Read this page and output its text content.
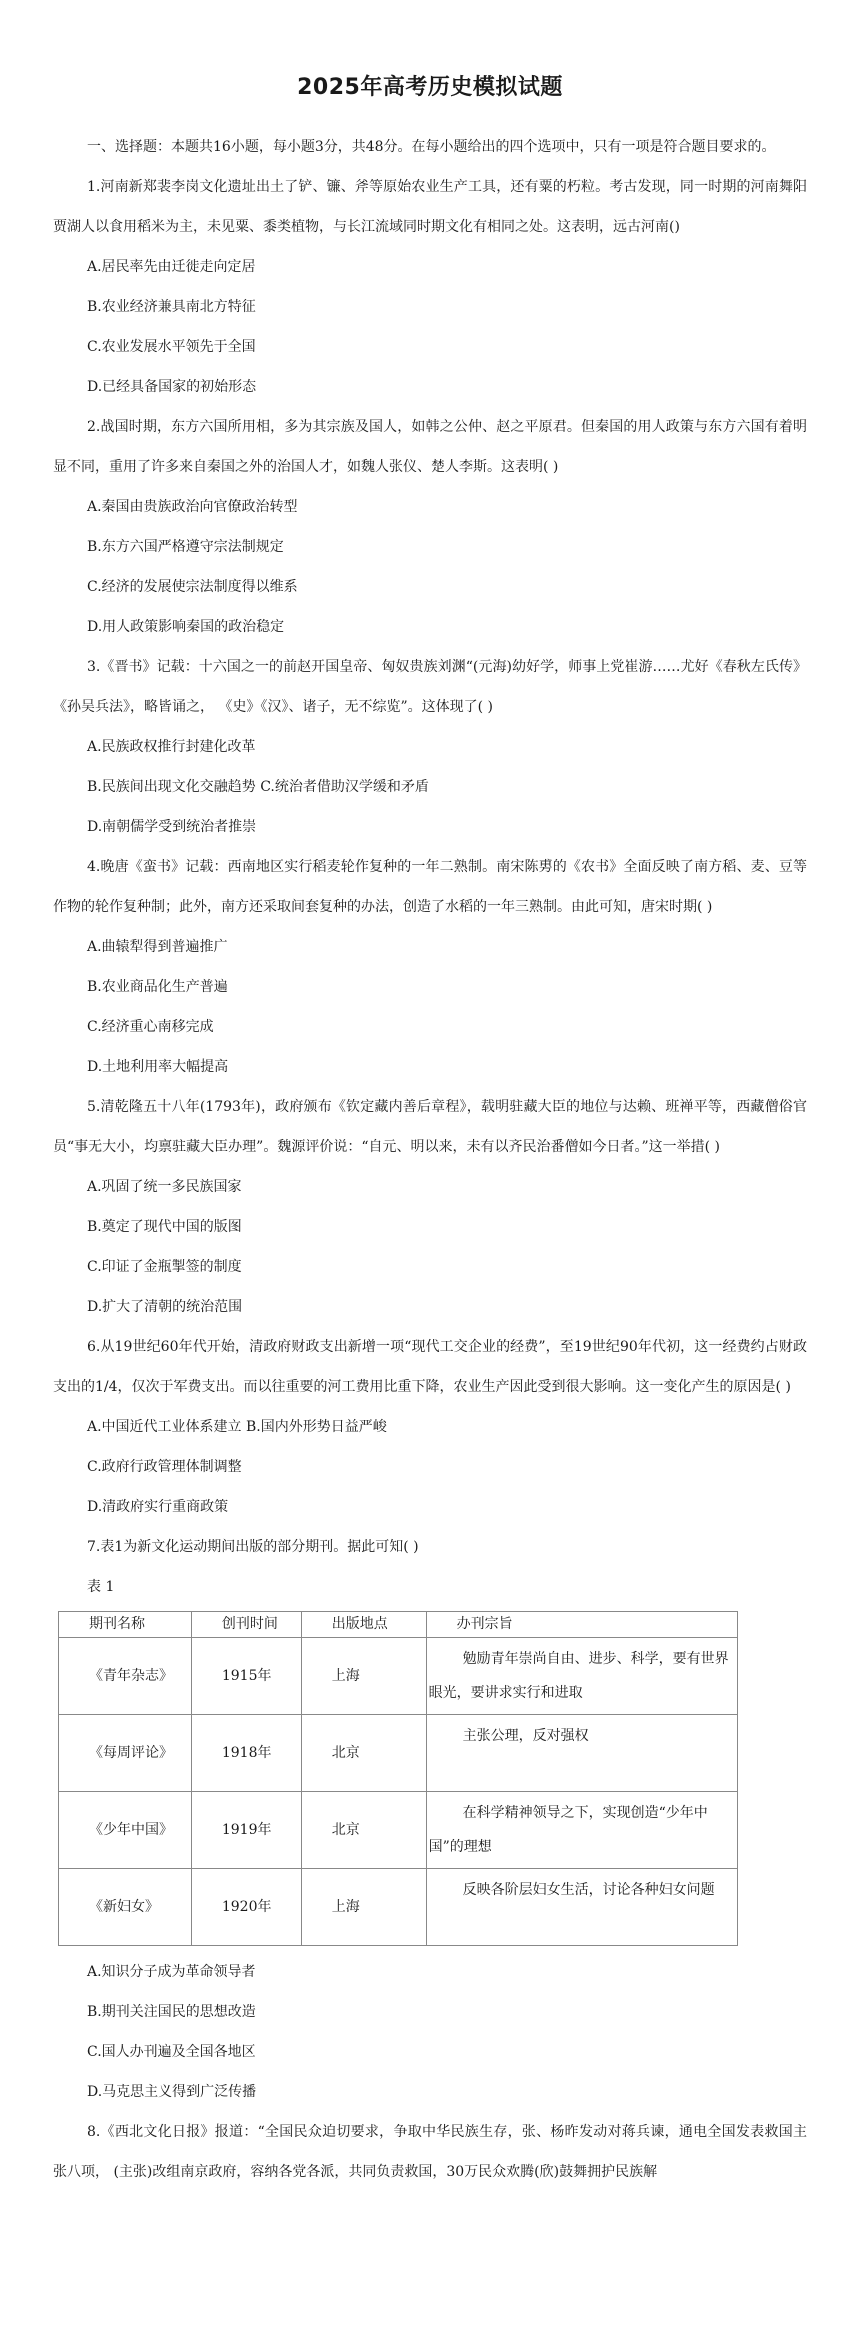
2025年高考历史模拟试题

一、选择题：本题共16小题，每小题3分，共48分。在每小题给出的四个选项中，只有一项是符合题目要求的。

1.河南新郑裴李岗文化遗址出土了铲、镰、斧等原始农业生产工具，还有粟的朽粒。考古发现，同一时期的河南舞阳贾湖人以食用稻米为主，未见粟、黍类植物，与长江流域同时期文化有相同之处。这表明，远古河南()

A.居民率先由迁徙走向定居

B.农业经济兼具南北方特征

C.农业发展水平领先于全国

D.已经具备国家的初始形态

2.战国时期，东方六国所用相，多为其宗族及国人，如韩之公仲、赵之平原君。但秦国的用人政策与东方六国有着明显不同，重用了许多来自秦国之外的治国人才，如魏人张仪、楚人李斯。这表明( )

A.秦国由贵族政治向官僚政治转型

B.东方六国严格遵守宗法制规定

C.经济的发展使宗法制度得以维系

D.用人政策影响秦国的政治稳定

3.《晋书》记载：十六国之一的前赵开国皇帝、匈奴贵族刘渊“(元海)幼好学，师事上党崔游……尤好《春秋左氏传》《孙吴兵法》，略皆诵之， 《史》《汉》、诸子，无不综览”。这体现了( )

A.民族政权推行封建化改革

B.民族间出现文化交融趋势 C.统治者借助汉学缓和矛盾

D.南朝儒学受到统治者推崇

4.晚唐《蛮书》记载：西南地区实行稻麦轮作复种的一年二熟制。南宋陈旉的《农书》全面反映了南方稻、麦、豆等作物的轮作复种制；此外，南方还采取间套复种的办法，创造了水稻的一年三熟制。由此可知，唐宋时期( )

A.曲辕犁得到普遍推广

B.农业商品化生产普遍

C.经济重心南移完成

D.土地利用率大幅提高

5.清乾隆五十八年(1793年)，政府颁布《钦定藏内善后章程》，载明驻藏大臣的地位与达赖、班禅平等，西藏僧俗官员“事无大小，均禀驻藏大臣办理”。魏源评价说：“自元、明以来，未有以齐民治番僧如今日者。”这一举措( )

A.巩固了统一多民族国家

B.奠定了现代中国的版图

C.印证了金瓶掣签的制度

D.扩大了清朝的统治范围

6.从19世纪60年代开始，清政府财政支出新增一项“现代工交企业的经费”，至19世纪90年代初，这一经费约占财政支出的1/4，仅次于军费支出。而以往重要的河工费用比重下降，农业生产因此受到很大影响。这一变化产生的原因是( )

A.中国近代工业体系建立 B.国内外形势日益严峻

C.政府行政管理体制调整

D.清政府实行重商政策

7.表1为新文化运动期间出版的部分期刊。据此可知( )

表 1

期刊名称	创刊时间	出版地点	办刊宗旨
《青年杂志》	1915年	上海	勉励青年崇尚自由、进步、科学，要有世界眼光，要讲求实行和进取
《每周评论》	1918年	北京	主张公理，反对强权
《少年中国》	1919年	北京	在科学精神领导之下，实现创造“少年中国”的理想
《新妇女》	1920年	上海	反映各阶层妇女生活，讨论各种妇女问题

A.知识分子成为革命领导者

B.期刊关注国民的思想改造

C.国人办刊遍及全国各地区

D.马克思主义得到广泛传播

8.《西北文化日报》报道：“全国民众迫切要求，争取中华民族生存，张、杨昨发动对蒋兵谏，通电全国发表救国主张八项， (主张)改组南京政府，容纳各党各派，共同负责救国，30万民众欢腾(欣)鼓舞拥护民族解
